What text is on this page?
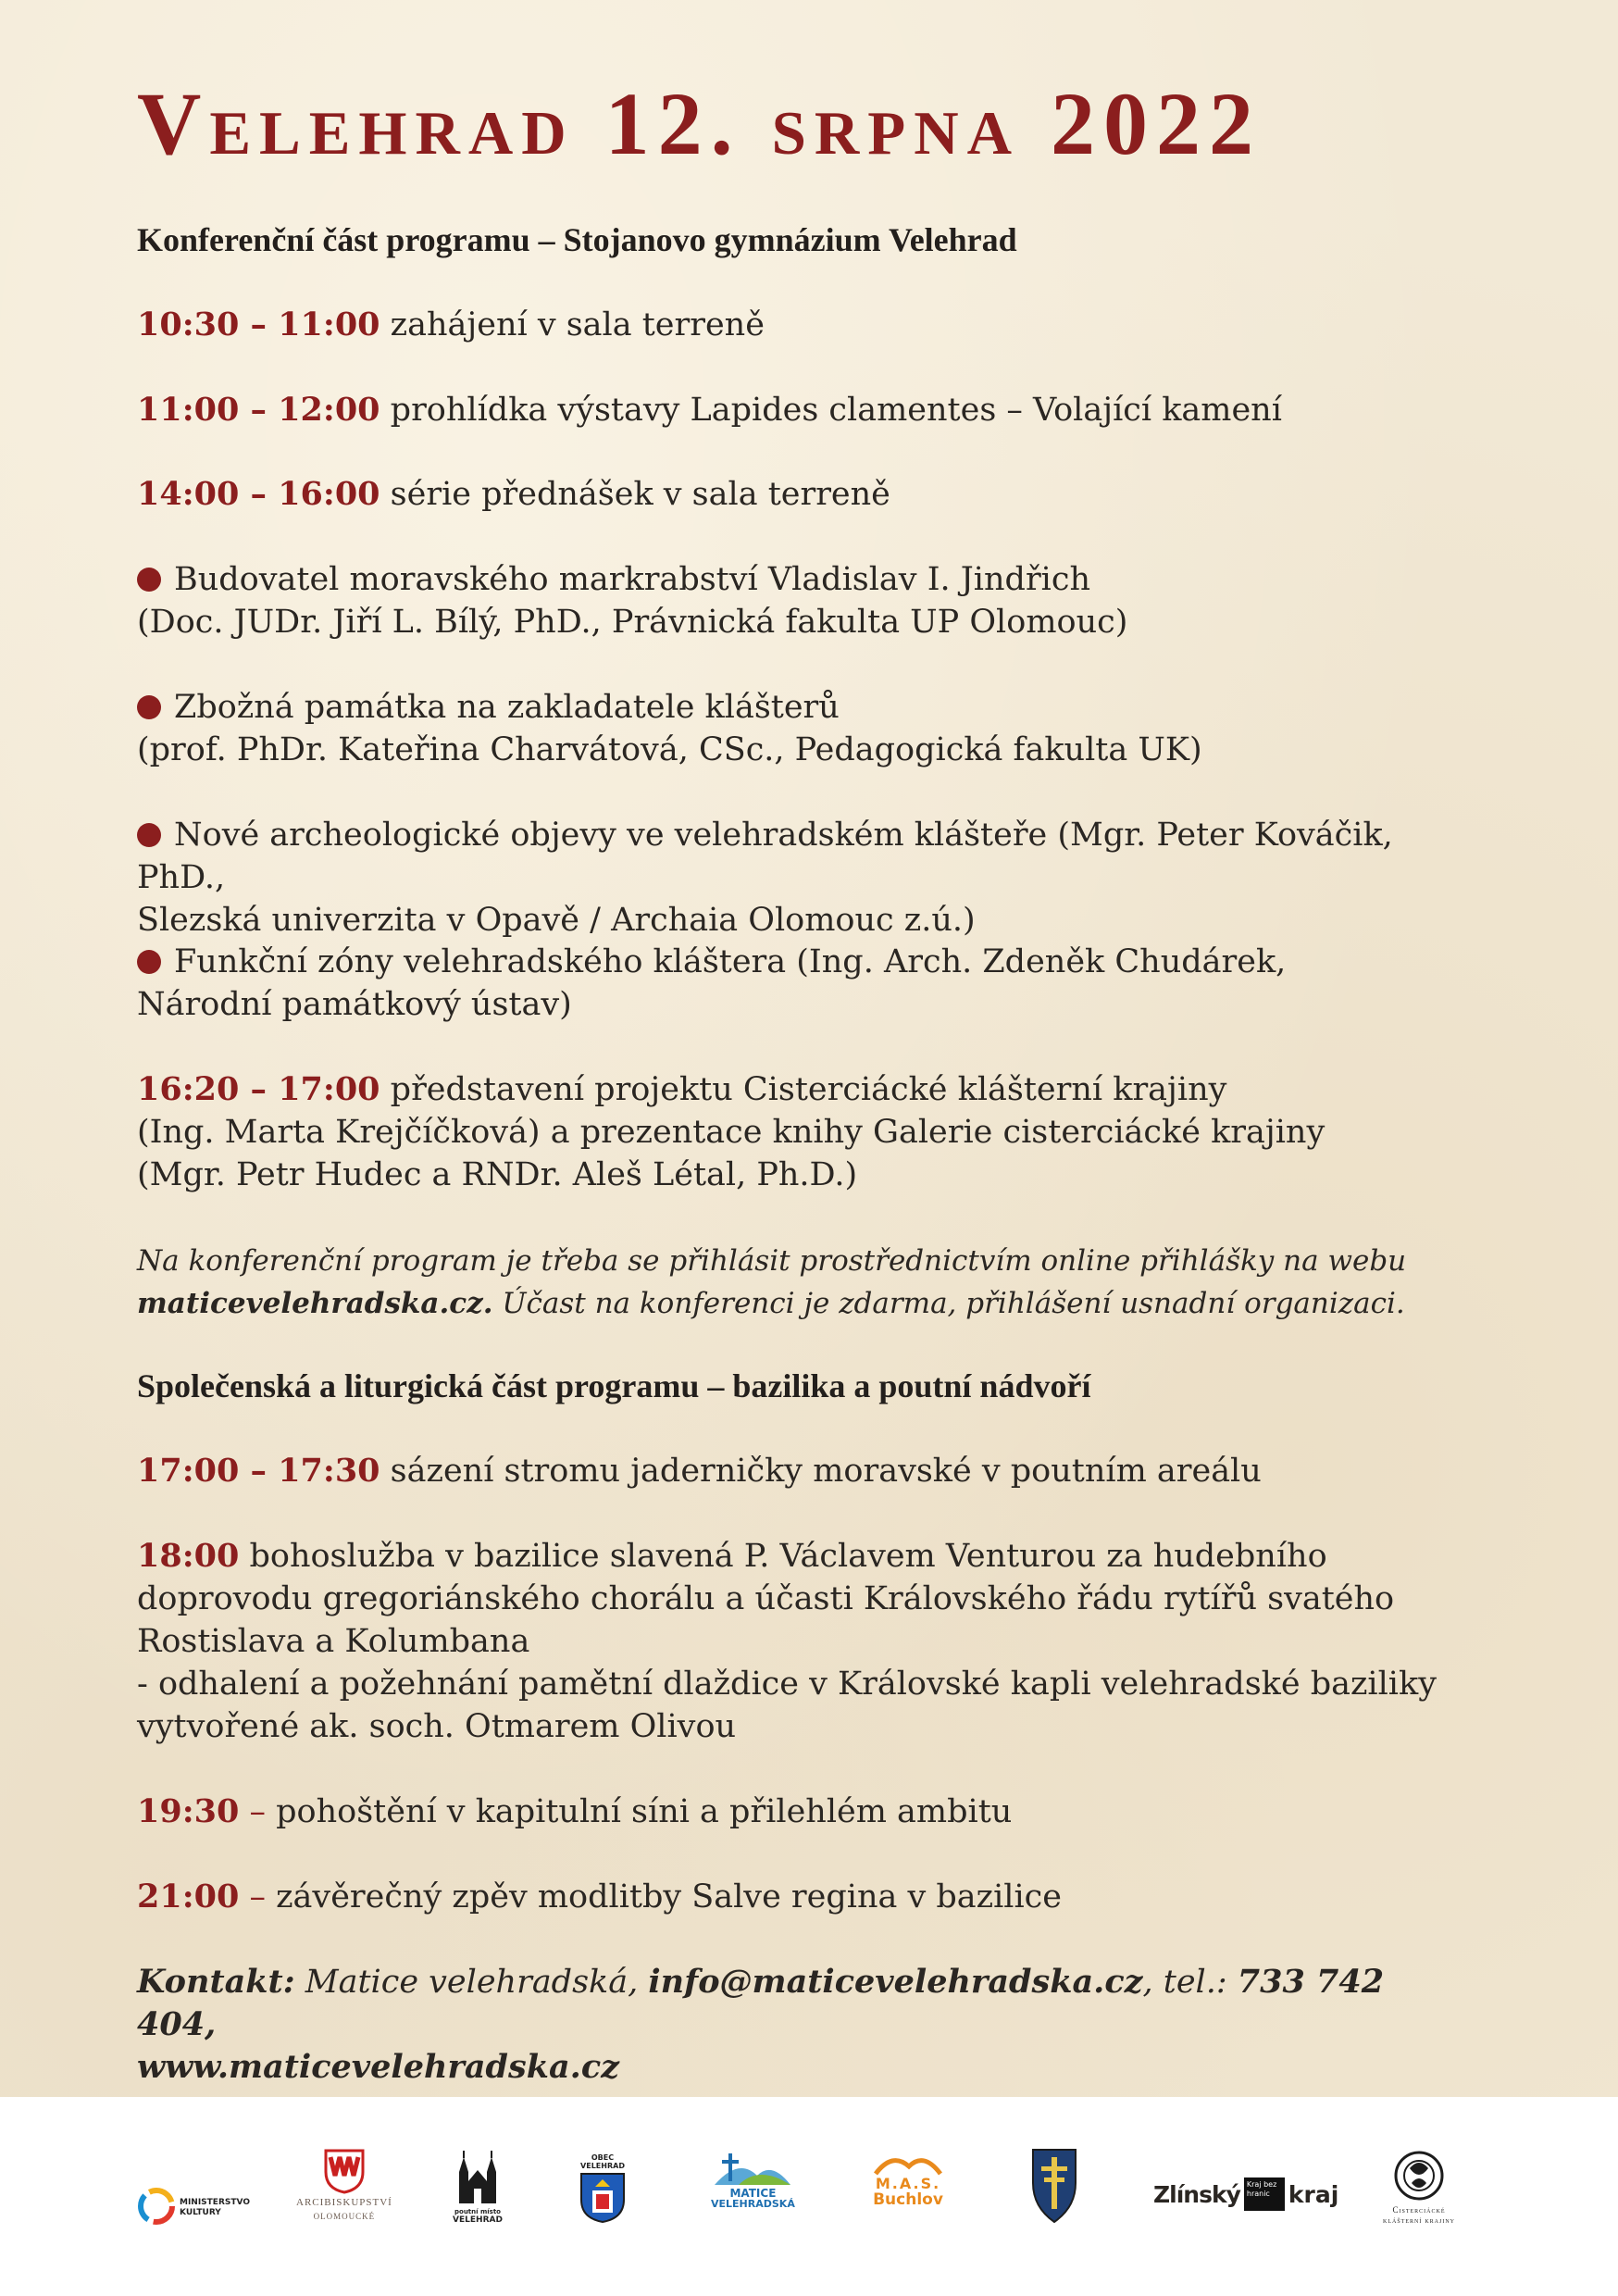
Velehrad 12. srpna 2022
Konferenční část programu – Stojanovo gymnázium Velehrad
10:30 – 11:00 zahájení v sala terreně
11:00 – 12:00 prohlídka výstavy Lapides clamentes – Volající kamení
14:00 – 16:00 série přednášek v sala terreně
Budovatel moravského markrabství Vladislav I. Jindřich
(Doc. JUDr. Jiří L. Bílý, PhD., Právnická fakulta UP Olomouc)
Zbožná památka na zakladatele klášterů
(prof. PhDr. Kateřina Charvátová, CSc., Pedagogická fakulta UK)
Nové archeologické objevy ve velehradském klášteře (Mgr. Peter Kováčik, PhD.,
Slezská univerzita v Opavě / Archaia Olomouc z.ú.)
Funkční zóny velehradského kláštera (Ing. Arch. Zdeněk Chudárek,
Národní památkový ústav)
16:20 – 17:00 představení projektu Cisterciácké klášterní krajiny
(Ing. Marta Krejčíčková) a prezentace knihy Galerie cisterciácké krajiny
(Mgr. Petr Hudec a RNDr. Aleš Létal, Ph.D.)
Na konferenční program je třeba se přihlásit prostřednictvím online přihlášky na webu
maticevelehradska.cz. Účast na konferenci je zdarma, přihlášení usnadní organizaci.
Společenská a liturgická část programu – bazilika a poutní nádvoří
17:00 – 17:30 sázení stromu jaderničky moravské v poutním areálu
18:00 bohoslužba v bazilice slavená P. Václavem Venturou za hudebního
doprovodu gregoriánského chorálu a účasti Královského řádu rytířů svatého
Rostislava a Kolumbana
- odhalení a požehnání pamětní dlaždice v Královské kapli velehradské baziliky
vytvořené ak. soch. Otmarem Olivou
19:30 – pohoštění v kapitulní síni a přilehlém ambitu
21:00 – závěrečný zpěv modlitby Salve regina v bazilice
Kontakt: Matice velehradská, info@maticevelehradska.cz, tel.: 733 742 404,
www.maticevelehradska.cz
MINISTERSTVO KULTURY
ARCIBISKUPSTVÍ
OLOMOUCKÉ	poutní místo
VELEHRAD
OBEC
VELEHRAD
MATICE
VELEHRADSKÁ
M.A.S.
Buchlov	Zlínský Kraj bez hranic kraj
Cisterciácké
klášterní krajiny
